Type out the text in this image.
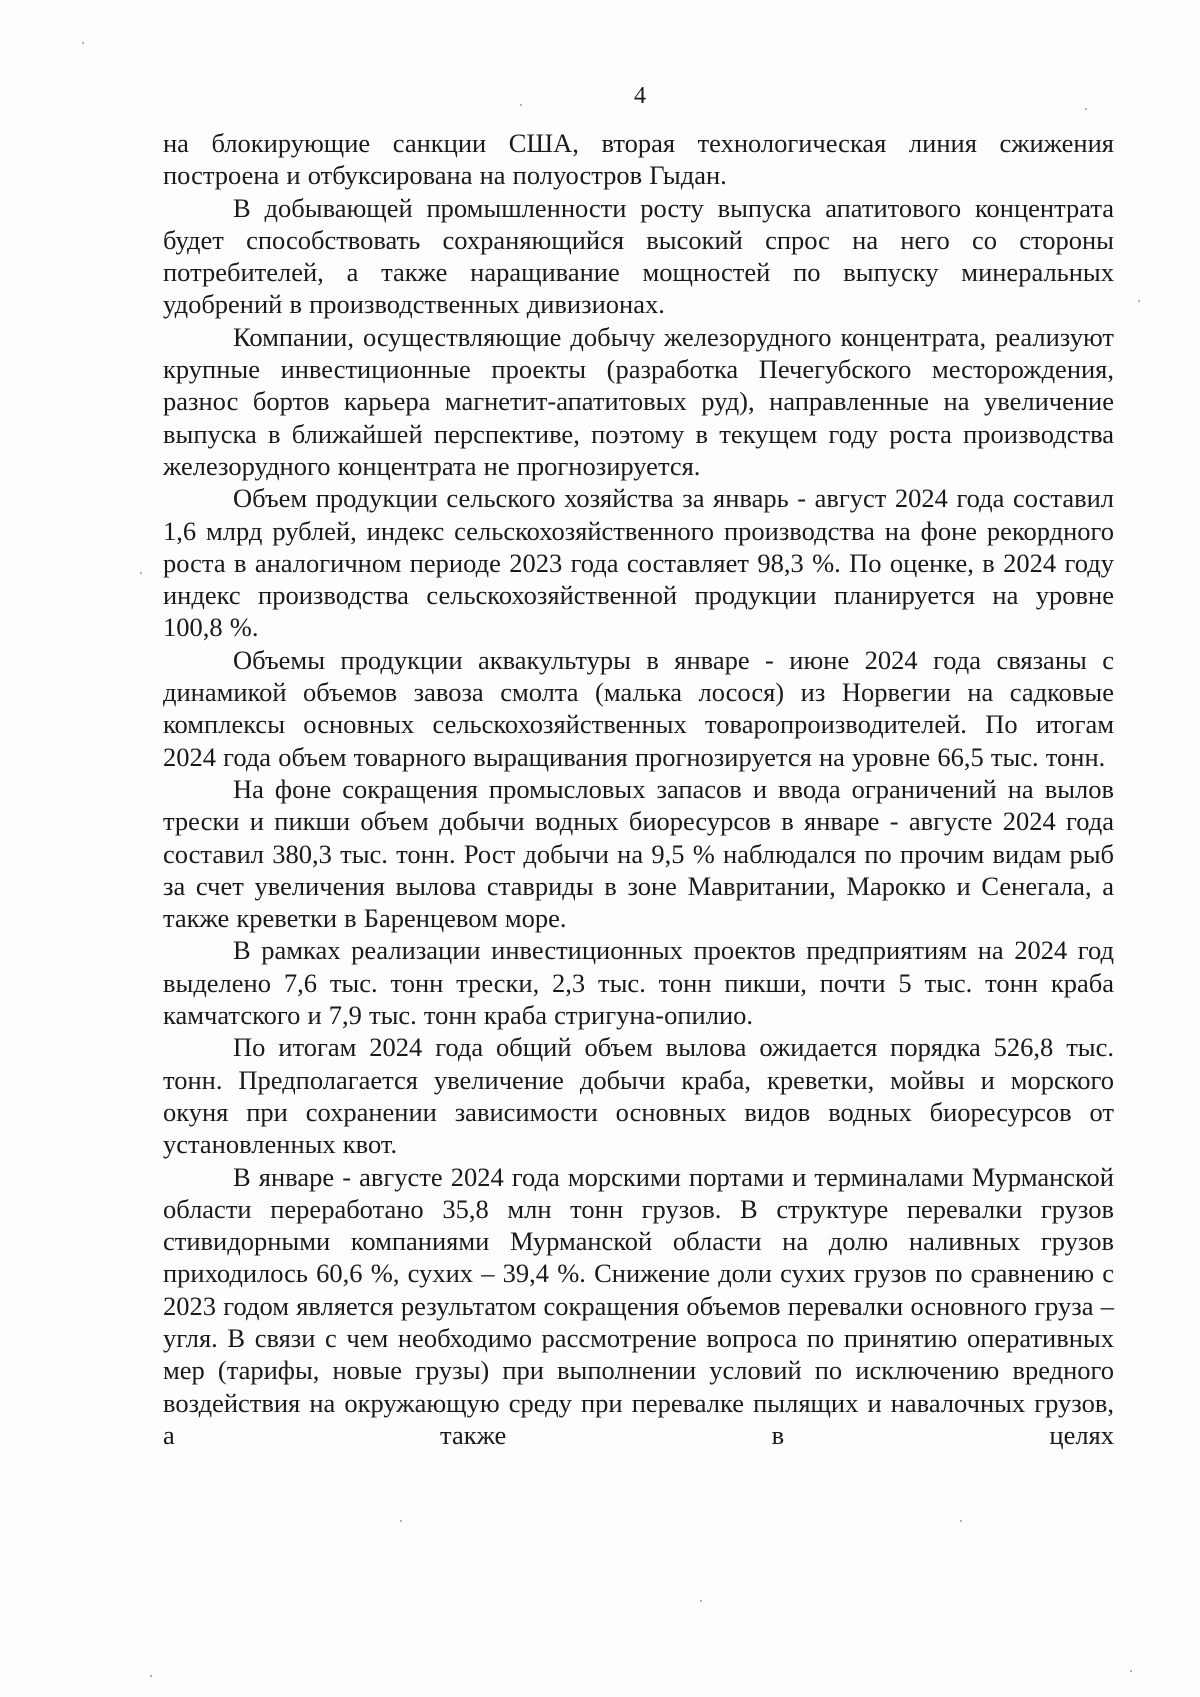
4

на блокирующие санкции США, вторая технологическая линия сжижения построена и отбуксирована на полуостров Гыдан.

В добывающей промышленности росту выпуска апатитового концентрата будет способствовать сохраняющийся высокий спрос на него со стороны потребителей, а также наращивание мощностей по выпуску минеральных удобрений в производственных дивизионах.

Компании, осуществляющие добычу железорудного концентрата, реализуют крупные инвестиционные проекты (разработка Печегубского месторождения, разнос бортов карьера магнетит-апатитовых руд), направленные на увеличение выпуска в ближайшей перспективе, поэтому в текущем году роста производства железорудного концентрата не прогнозируется.

Объем продукции сельского хозяйства за январь - август 2024 года составил 1,6 млрд рублей, индекс сельскохозяйственного производства на фоне рекордного роста в аналогичном периоде 2023 года составляет 98,3 %. По оценке, в 2024 году индекс производства сельскохозяйственной продукции планируется на уровне 100,8 %.

Объемы продукции аквакультуры в январе - июне 2024 года связаны с динамикой объемов завоза смолта (малька лосося) из Норвегии на садковые комплексы основных сельскохозяйственных товаропроизводителей. По итогам 2024 года объем товарного выращивания прогнозируется на уровне 66,5 тыс. тонн.

На фоне сокращения промысловых запасов и ввода ограничений на вылов трески и пикши объем добычи водных биоресурсов в январе - августе 2024 года составил 380,3 тыс. тонн. Рост добычи на 9,5 % наблюдался по прочим видам рыб за счет увеличения вылова ставриды в зоне Мавритании, Марокко и Сенегала, а также креветки в Баренцевом море.

В рамках реализации инвестиционных проектов предприятиям на 2024 год выделено 7,6 тыс. тонн трески, 2,3 тыс. тонн пикши, почти 5 тыс. тонн краба камчатского и 7,9 тыс. тонн краба стригуна-опилио.

По итогам 2024 года общий объем вылова ожидается порядка 526,8 тыс. тонн. Предполагается увеличение добычи краба, креветки, мойвы и морского окуня при сохранении зависимости основных видов водных биоресурсов от установленных квот.

В январе - августе 2024 года морскими портами и терминалами Мурманской области переработано 35,8 млн тонн грузов. В структуре перевалки грузов стивидорными компаниями Мурманской области на долю наливных грузов приходилось 60,6 %, сухих – 39,4 %. Снижение доли сухих грузов по сравнению с 2023 годом является результатом сокращения объемов перевалки основного груза – угля. В связи с чем необходимо рассмотрение вопроса по принятию оперативных мер (тарифы, новые грузы) при выполнении условий по исключению вредного воздействия на окружающую среду при перевалке пылящих и навалочных грузов, а также в целях
